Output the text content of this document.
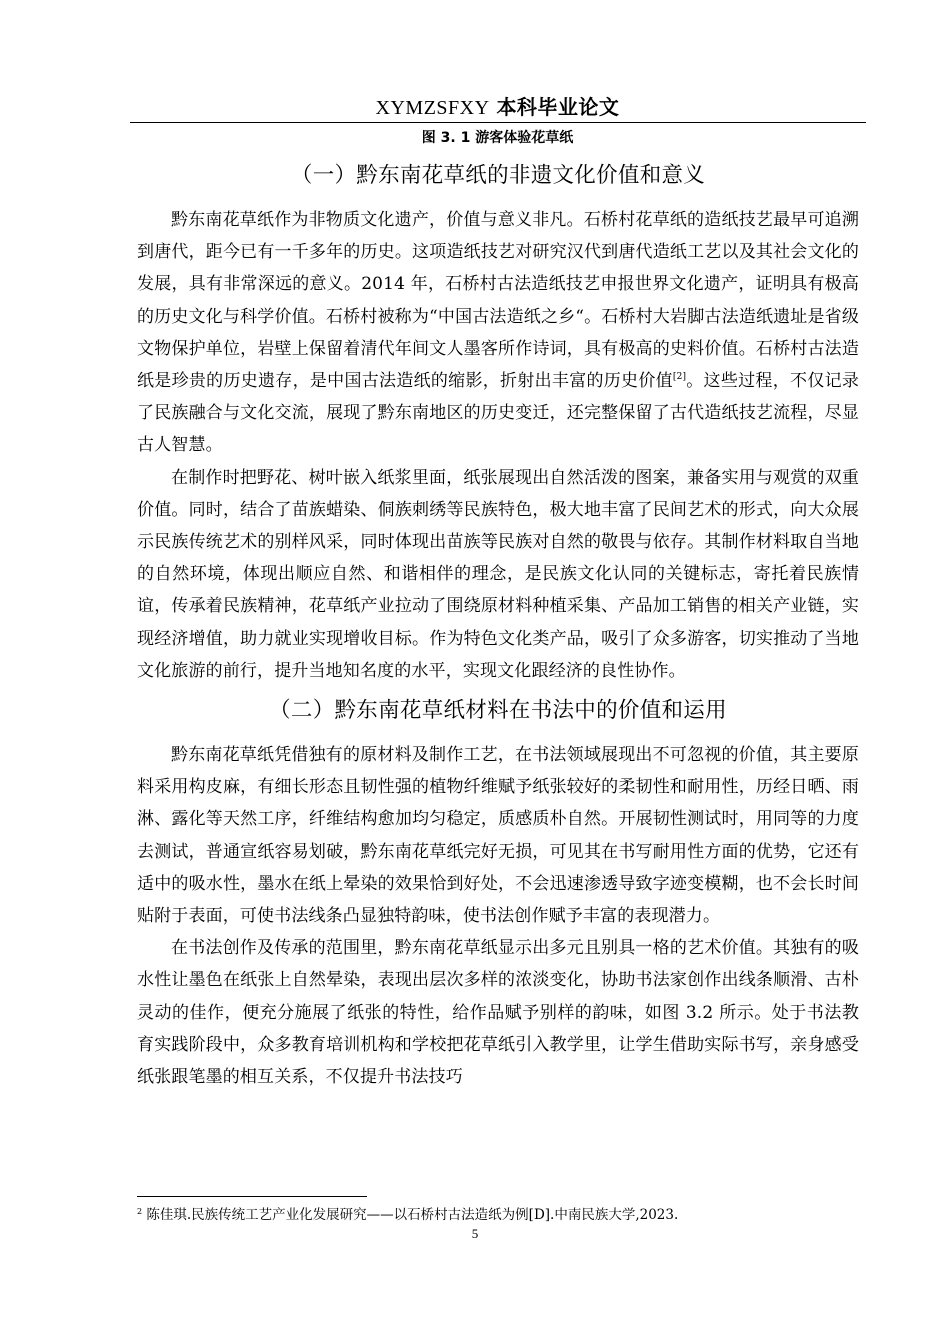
XYMZSFXY 本科毕业论文
图 3. 1 游客体验花草纸
（一）黔东南花草纸的非遗文化价值和意义

黔东南花草纸作为非物质文化遗产，价值与意义非凡。石桥村花草纸的造纸技艺最早可追溯到唐代，距今已有一千多年的历史。这项造纸技艺对研究汉代到唐代造纸工艺以及其社会文化的发展，具有非常深远的意义。2014 年，石桥村古法造纸技艺申报世界文化遗产，证明具有极高的历史文化与科学价值。石桥村被称为“中国古法造纸之乡“。石桥村大岩脚古法造纸遗址是省级文物保护单位，岩壁上保留着清代年间文人墨客所作诗词，具有极高的史料价值。石桥村古法造纸是珍贵的历史遗存，是中国古法造纸的缩影，折射出丰富的历史价值[2]。这些过程，不仅记录了民族融合与文化交流，展现了黔东南地区的历史变迁，还完整保留了古代造纸技艺流程，尽显古人智慧。

在制作时把野花、树叶嵌入纸浆里面，纸张展现出自然活泼的图案，兼备实用与观赏的双重价值。同时，结合了苗族蜡染、侗族刺绣等民族特色，极大地丰富了民间艺术的形式，向大众展示民族传统艺术的别样风采，同时体现出苗族等民族对自然的敬畏与依存。其制作材料取自当地的自然环境，体现出顺应自然、和谐相伴的理念，是民族文化认同的关键标志，寄托着民族情谊，传承着民族精神，花草纸产业拉动了围绕原材料种植采集、产品加工销售的相关产业链，实现经济增值，助力就业实现增收目标。作为特色文化类产品，吸引了众多游客，切实推动了当地文化旅游的前行，提升当地知名度的水平，实现文化跟经济的良性协作。

（二）黔东南花草纸材料在书法中的价值和运用

黔东南花草纸凭借独有的原材料及制作工艺，在书法领域展现出不可忽视的价值，其主要原料采用构皮麻，有细长形态且韧性强的植物纤维赋予纸张较好的柔韧性和耐用性，历经日晒、雨淋、露化等天然工序，纤维结构愈加均匀稳定，质感质朴自然。开展韧性测试时，用同等的力度去测试，普通宣纸容易划破，黔东南花草纸完好无损，可见其在书写耐用性方面的优势，它还有适中的吸水性，墨水在纸上晕染的效果恰到好处，不会迅速渗透导致字迹变模糊，也不会长时间贴附于表面，可使书法线条凸显独特韵味，使书法创作赋予丰富的表现潜力。

在书法创作及传承的范围里，黔东南花草纸显示出多元且别具一格的艺术价值。其独有的吸水性让墨色在纸张上自然晕染，表现出层次多样的浓淡变化，协助书法家创作出线条顺滑、古朴灵动的佳作，便充分施展了纸张的特性，给作品赋予别样的韵味，如图 3.2 所示。处于书法教育实践阶段中，众多教育培训机构和学校把花草纸引入教学里，让学生借助实际书写，亲身感受纸张跟笔墨的相互关系，不仅提升书法技巧

$^2$ 陈佳琪.民族传统工艺产业化发展研究——以石桥村古法造纸为例[D].中南民族大学,2023.
5
